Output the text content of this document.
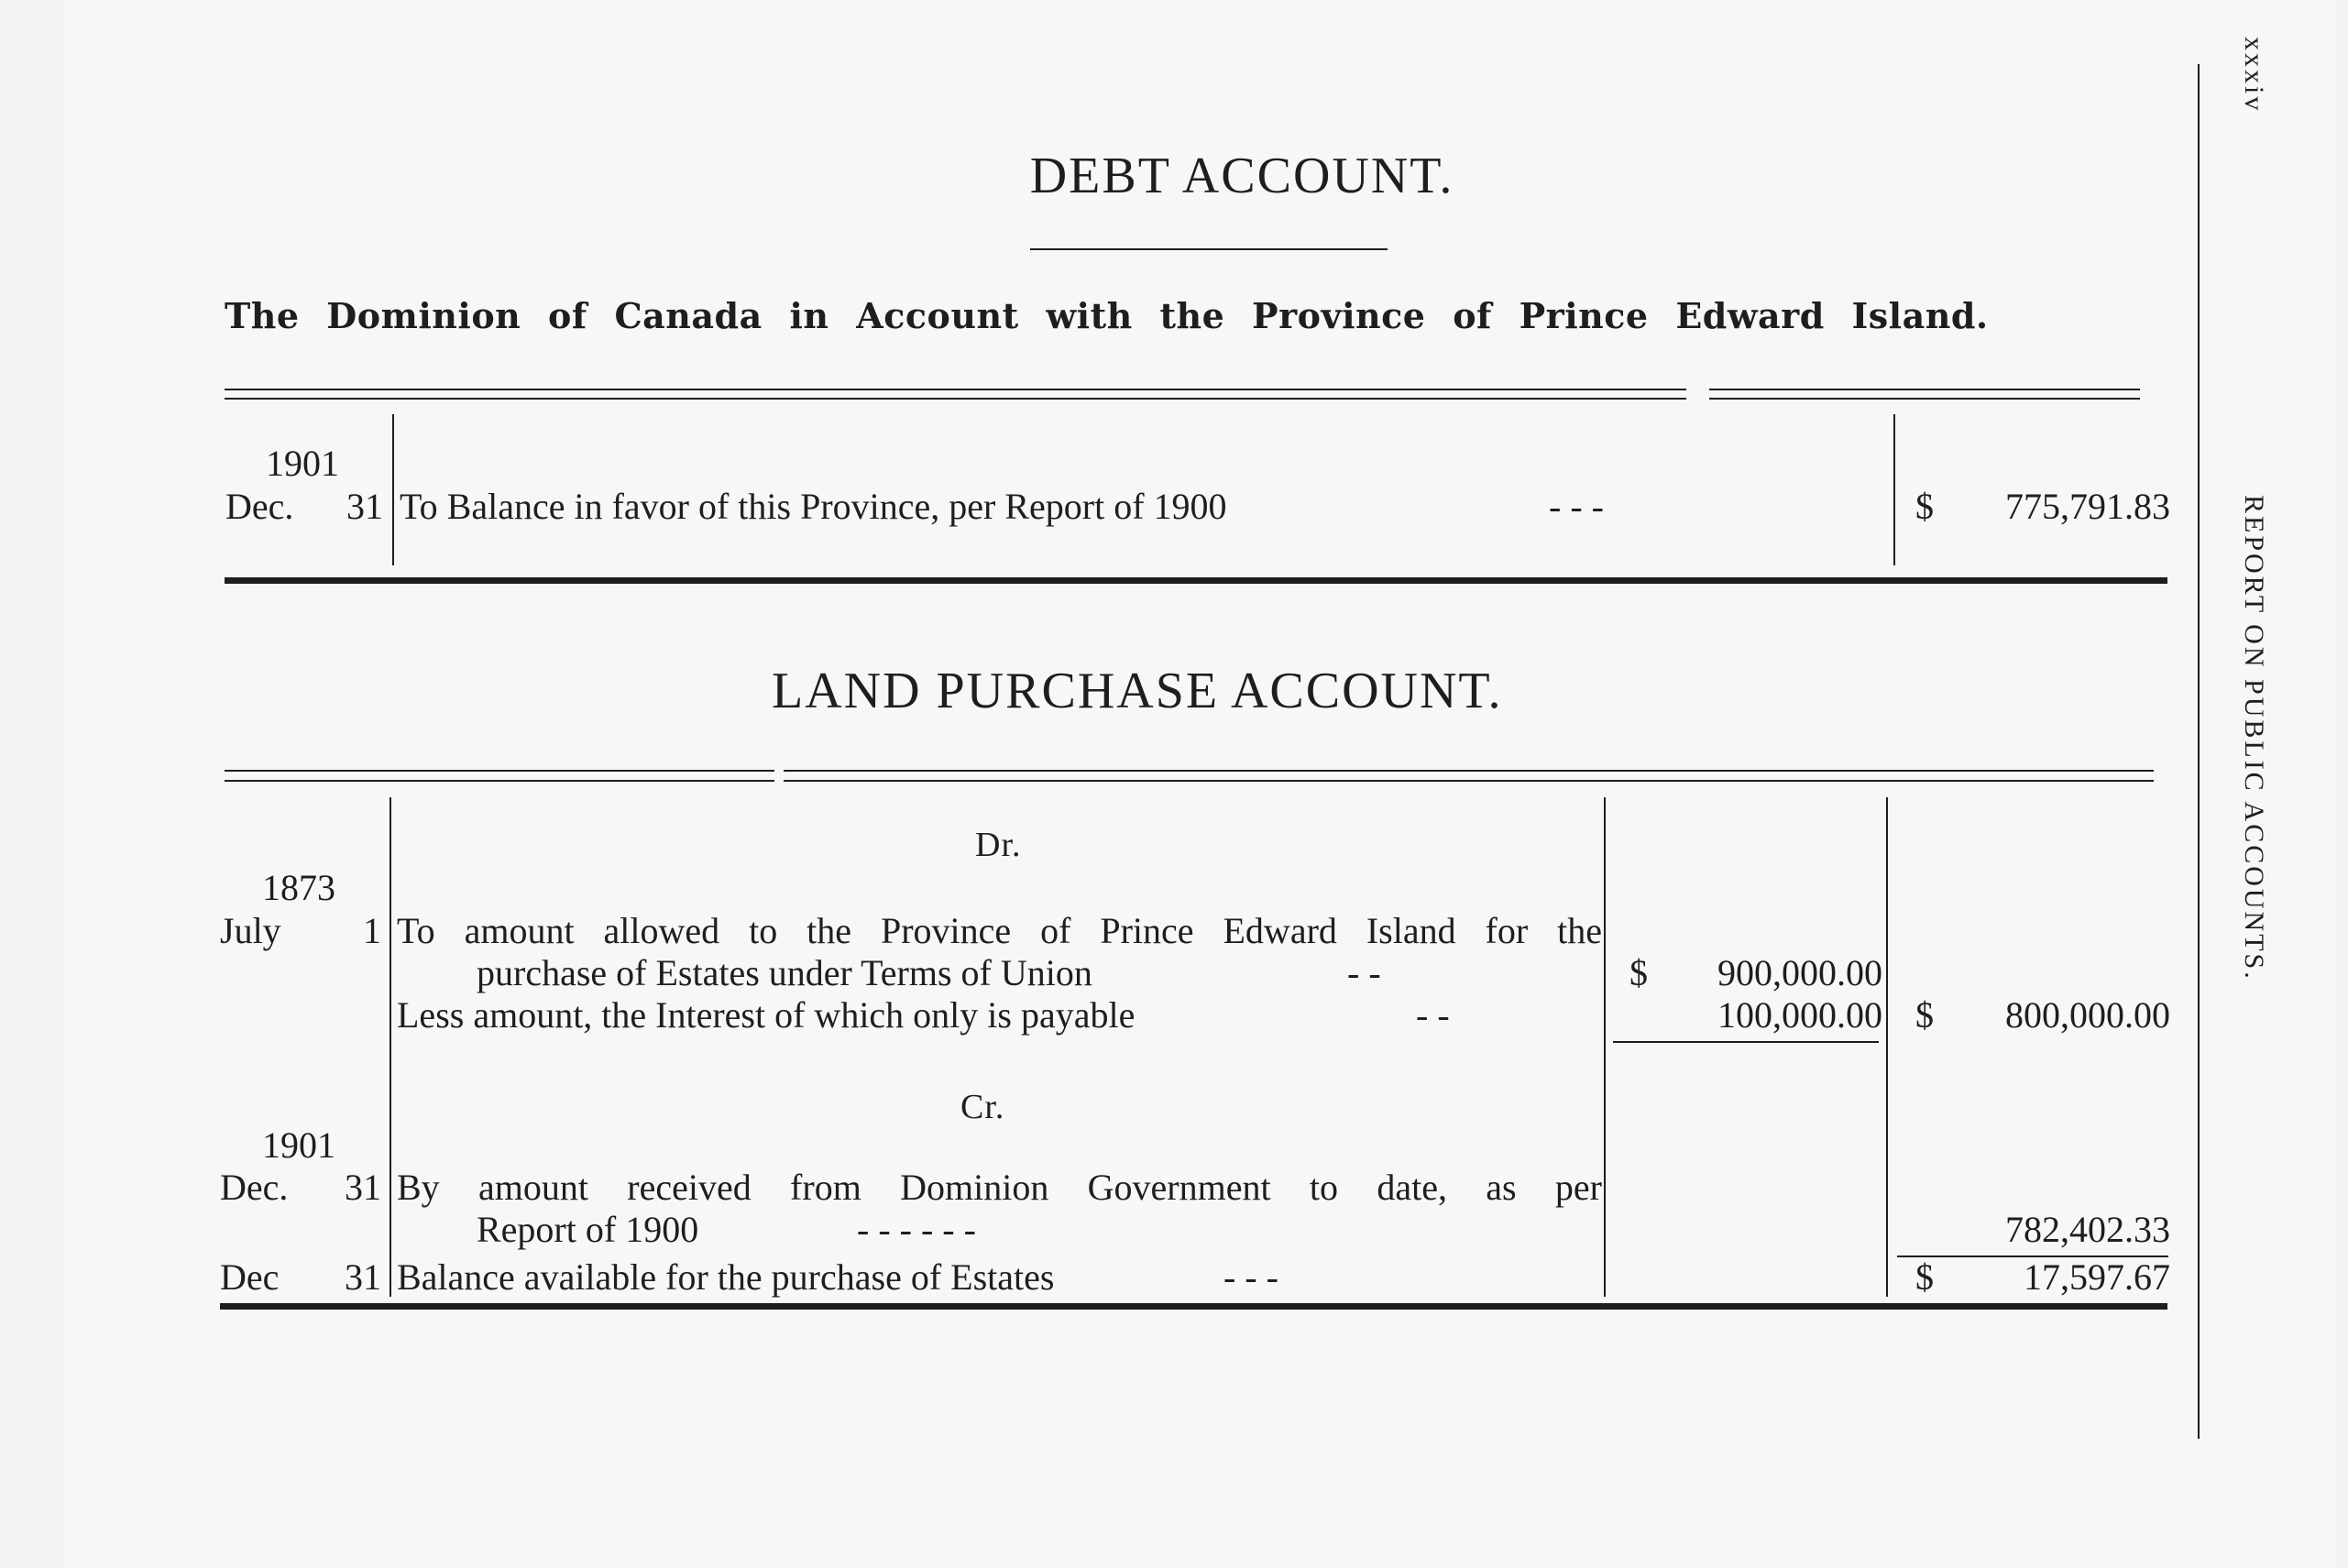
xxxiv
REPORT ON PUBLIC ACCOUNTS.
DEBT ACCOUNT.
The Dominion of Canada in Account with the Province of Prince Edward Island.
1901
Dec. 31 To Balance in favor of this Province, per Report of 1900	- - -	$	775,791.83
LAND PURCHASE ACCOUNT.
Dr.
1873
July 1 To amount allowed to the Province of Prince Edward Island for the
purchase of Estates under Terms of Union	- -	$	900,000.00
Less amount, the Interest of which only is payable	- -	100,000.00 $	800,000.00
Cr.
1901
Dec. 31 By amount received from Dominion Government to date, as per
Report of 1900	- - - - - -	782,402.33
Dec 31 Balance available for the purchase of Estates	- - -	$	17,597.67
